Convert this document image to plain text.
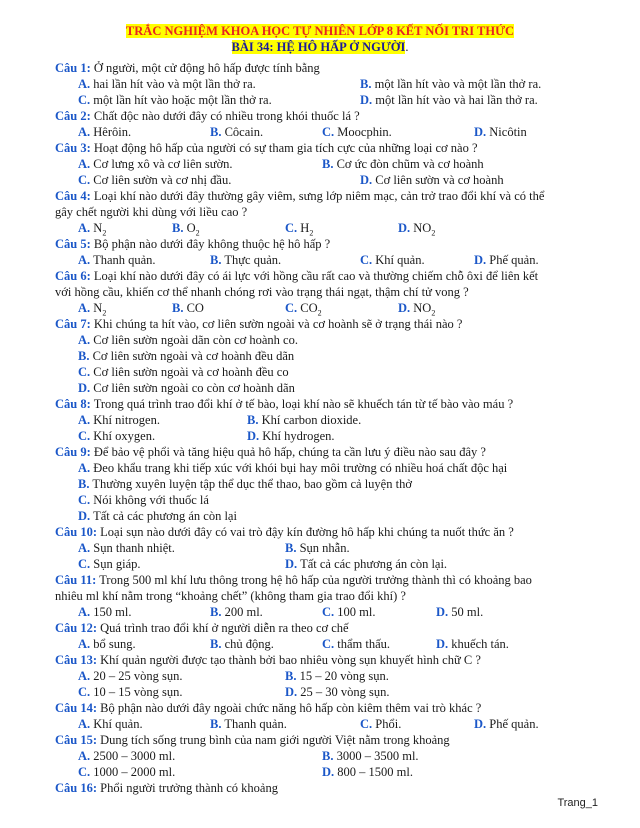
TRẮC NGHIỆM KHOA HỌC TỰ NHIÊN LỚP 8 KẾT NỐI TRI THỨC
BÀI 34: HỆ HÔ HẤP Ở NGƯỜI.
Câu 1: Ở người, một cử động hô hấp được tính bằng
A. hai lần hít vào và một lần thở ra.	B. một lần hít vào và một lần thở ra.
C. một lần hít vào hoặc một lần thở ra.	D. một lần hít vào và hai lần thở ra.
Câu 2: Chất độc nào dưới đây có nhiều trong khói thuốc lá ?
A. Hêrôin.	B. Côcain.	C. Moocphin.	D. Nicôtin
Câu 3: Hoạt động hô hấp của người có sự tham gia tích cực của những loại cơ nào ?
A. Cơ lưng xô và cơ liên sườn.	B. Cơ ức đòn chũm và cơ hoành
C. Cơ liên sườn và cơ nhị đầu.	D. Cơ liên sườn và cơ hoành
Câu 4: Loại khí nào dưới đây thường gây viêm, sưng lớp niêm mạc, cản trở trao đổi khí và có thể
gây chết người khi dùng với liều cao ?
A. $N_2$	B. $O_2$	C. $H_2$	D. $NO_2$
Câu 5: Bộ phận nào dưới đây không thuộc hệ hô hấp ?
A. Thanh quản.	B. Thực quản.	C. Khí quản.	D. Phế quản.
Câu 6: Loại khí nào dưới đây có ái lực với hồng cầu rất cao và thường chiếm chỗ ôxi để liên kết
với hồng cầu, khiến cơ thể nhanh chóng rơi vào trạng thái ngạt, thậm chí tử vong ?
A. $N_2$	B. CO	C. $CO_2$	D. $NO_2$
Câu 7: Khi chúng ta hít vào, cơ liên sườn ngoài và cơ hoành sẽ ở trạng thái nào ?
A. Cơ liên sườn ngoài dãn còn cơ hoành co.
B. Cơ liên sườn ngoài và cơ hoành đều dãn
C. Cơ liên sườn ngoài và cơ hoành đều co
D. Cơ liên sườn ngoài co còn cơ hoành dãn
Câu 8: Trong quá trình trao đổi khí ở tế bào, loại khí nào sẽ khuếch tán từ tế bào vào máu ?
A. Khí nitrogen.	B. Khí carbon dioxide.
C. Khí oxygen.	D. Khí hydrogen.
Câu 9: Để bảo vệ phổi và tăng hiệu quả hô hấp, chúng ta cần lưu ý điều nào sau đây ?
A. Đeo khẩu trang khi tiếp xúc với khói bụi hay môi trường có nhiều hoá chất độc hại
B. Thường xuyên luyện tập thể dục thể thao, bao gồm cả luyện thở
C. Nói không với thuốc lá
D. Tất cả các phương án còn lại
Câu 10: Loại sụn nào dưới đây có vai trò đậy kín đường hô hấp khi chúng ta nuốt thức ăn ?
A. Sụn thanh nhiệt.	B. Sụn nhẫn.
C. Sụn giáp.	D. Tất cả các phương án còn lại.
Câu 11: Trong 500 ml khí lưu thông trong hệ hô hấp của người trưởng thành thì có khoảng bao
nhiêu ml khí nằm trong “khoảng chết” (không tham gia trao đổi khí) ?
A. 150 ml.	B. 200 ml.	C. 100 ml.	D. 50 ml.
Câu 12: Quá trình trao đổi khí ở người diễn ra theo cơ chế
A. bổ sung.	B. chủ động.	C. thẩm thấu.	D. khuếch tán.
Câu 13: Khí quản người được tạo thành bởi bao nhiêu vòng sụn khuyết hình chữ C ?
A. 20 – 25 vòng sụn.	B. 15 – 20 vòng sụn.
C. 10 – 15 vòng sụn.	D. 25 – 30 vòng sụn.
Câu 14: Bộ phận nào dưới đây ngoài chức năng hô hấp còn kiêm thêm vai trò khác ?
A. Khí quản.	B. Thanh quản.	C. Phổi.	D. Phế quản.
Câu 15: Dung tích sống trung bình của nam giới người Việt nằm trong khoảng
A. 2500 – 3000 ml.	B. 3000 – 3500 ml.
C. 1000 – 2000 ml.	D. 800 – 1500 ml.
Câu 16: Phổi người trưởng thành có khoảng
Trang_1
